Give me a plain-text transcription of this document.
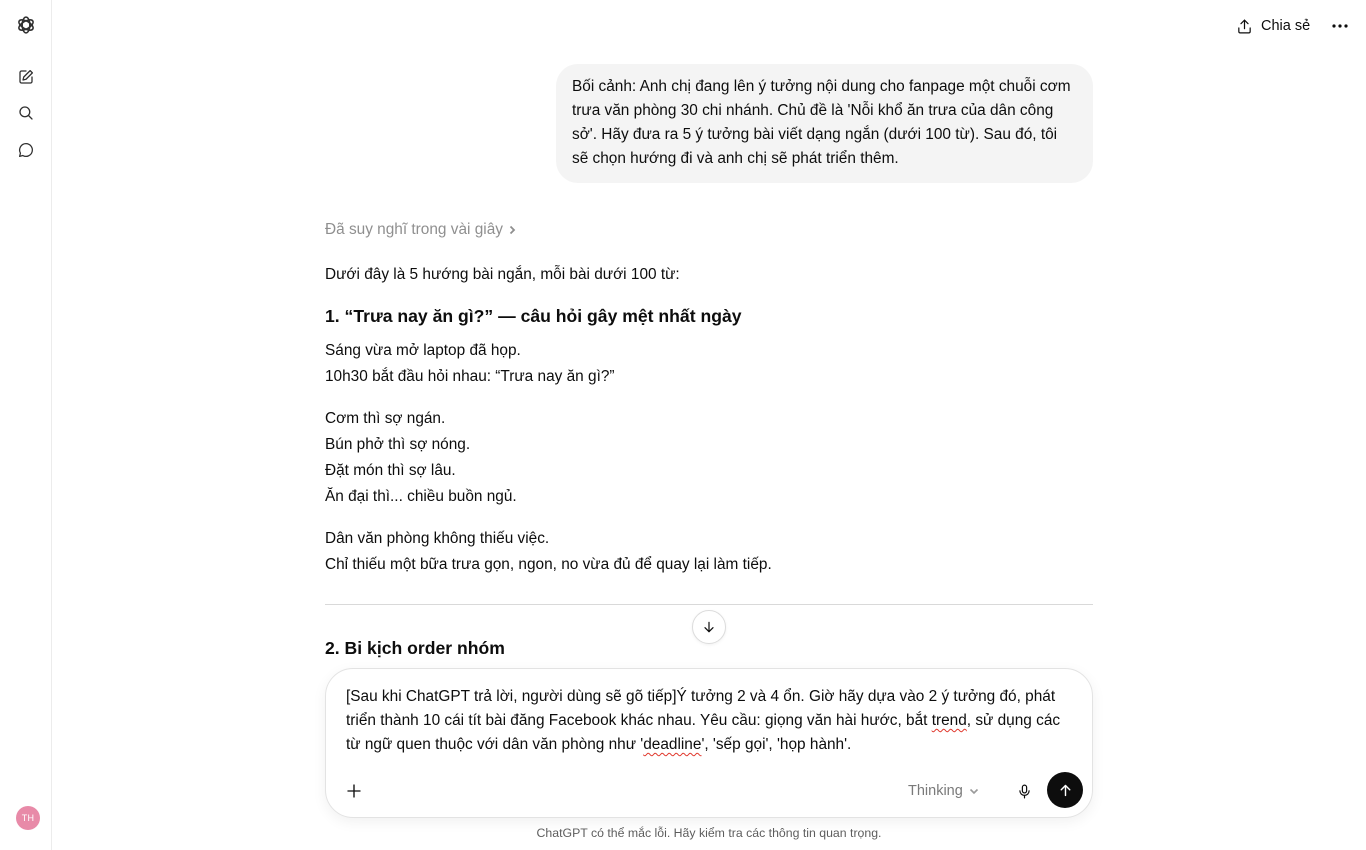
TH
Chia sẻ
Bối cảnh: Anh chị đang lên ý tưởng nội dung cho fanpage một chuỗi cơm trưa văn phòng 30 chi nhánh. Chủ đề là 'Nỗi khổ ăn trưa của dân công sở'. Hãy đưa ra 5 ý tưởng bài viết dạng ngắn (dưới 100 từ). Sau đó, tôi sẽ chọn hướng đi và anh chị sẽ phát triển thêm.
Đã suy nghĩ trong vài giây

Dưới đây là 5 hướng bài ngắn, mỗi bài dưới 100 từ:

1. “Trưa nay ăn gì?” — câu hỏi gây mệt nhất ngày

Sáng vừa mở laptop đã họp.
10h30 bắt đầu hỏi nhau: “Trưa nay ăn gì?”

Cơm thì sợ ngán.
Bún phở thì sợ nóng.
Đặt món thì sợ lâu.
Ăn đại thì... chiều buồn ngủ.

Dân văn phòng không thiếu việc.
Chỉ thiếu một bữa trưa gọn, ngon, no vừa đủ để quay lại làm tiếp.

2. Bi kịch order nhóm
[Sau khi ChatGPT trả lời, người dùng sẽ gõ tiếp]Ý tưởng 2 và 4 ổn. Giờ hãy dựa vào 2 ý tưởng đó, phát triển thành 10 cái tít bài đăng Facebook khác nhau. Yêu cầu: giọng văn hài hước, bắt trend, sử dụng các từ ngữ quen thuộc với dân văn phòng như 'deadline', 'sếp gọi', 'họp hành'.
Thinking
ChatGPT có thể mắc lỗi. Hãy kiểm tra các thông tin quan trọng.
